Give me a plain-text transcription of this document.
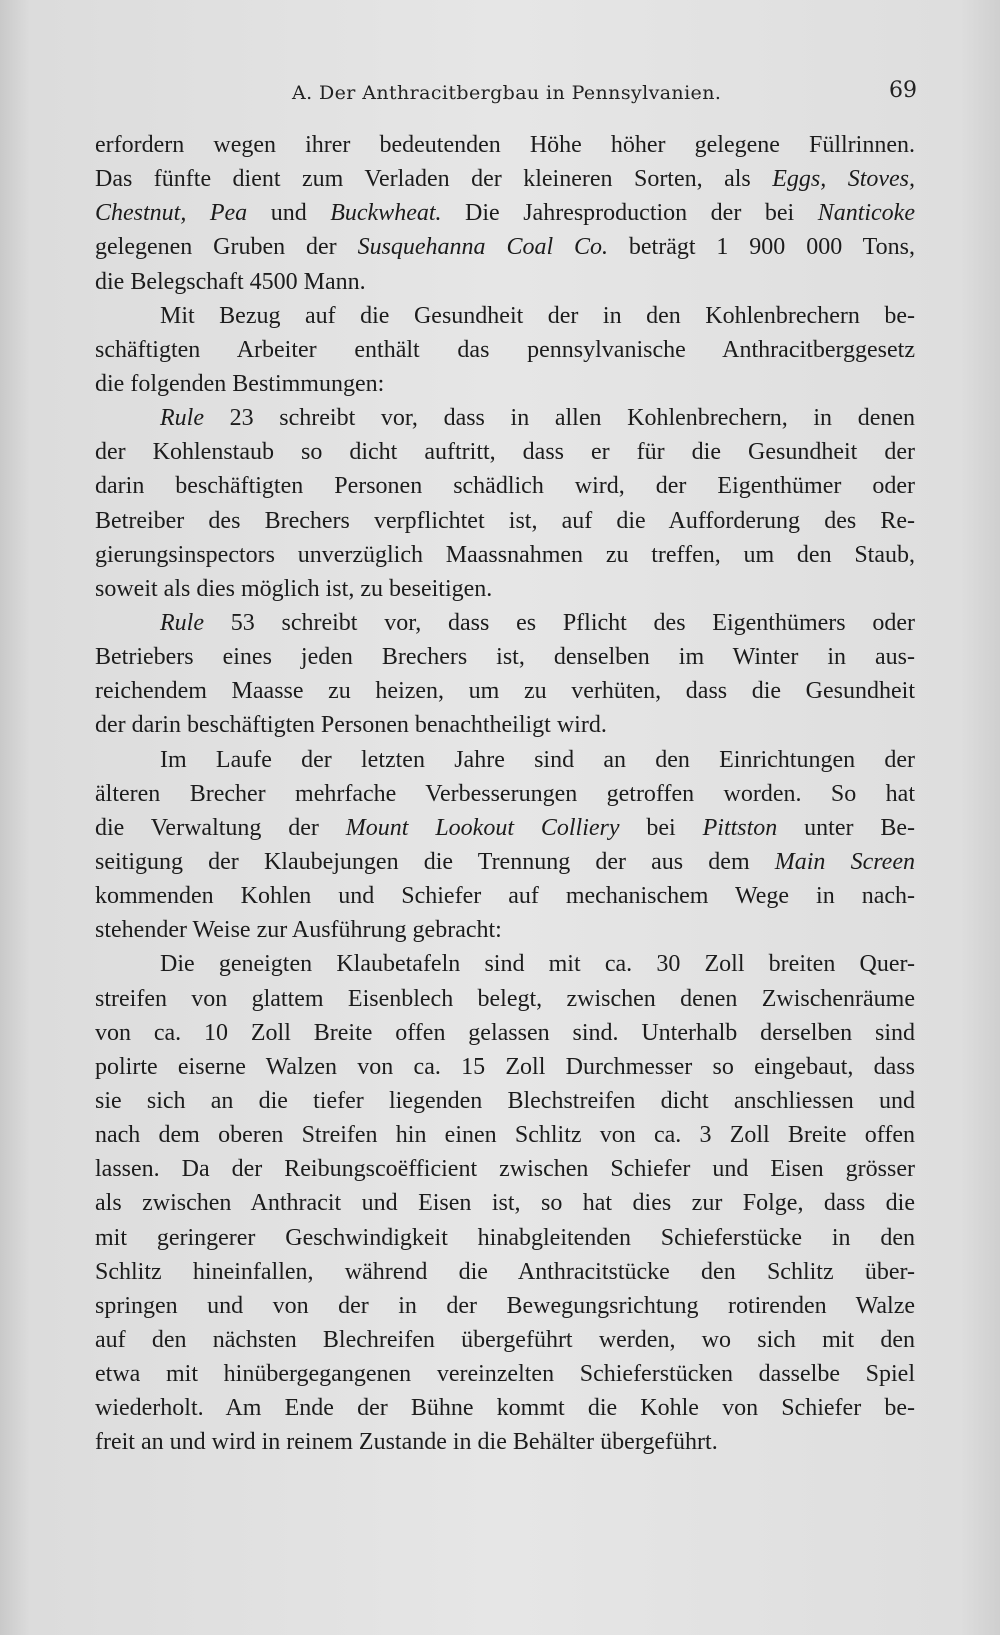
A. Der Anthracitbergbau in Pennsylvanien.	69
erfordern wegen ihrer bedeutenden Höhe höher gelegene Füllrinnen.
Das fünfte dient zum Verladen der kleineren Sorten, als Eggs, Stoves,
Chestnut, Pea und Buckwheat. Die Jahresproduction der bei Nanticoke
gelegenen Gruben der Susquehanna Coal Co. beträgt 1 900 000 Tons,
die Belegschaft 4500 Mann.
Mit Bezug auf die Gesundheit der in den Kohlenbrechern be-
schäftigten Arbeiter enthält das pennsylvanische Anthracitberggesetz
die folgenden Bestimmungen:
Rule 23 schreibt vor, dass in allen Kohlenbrechern, in denen
der Kohlenstaub so dicht auftritt, dass er für die Gesundheit der
darin beschäftigten Personen schädlich wird, der Eigenthümer oder
Betreiber des Brechers verpflichtet ist, auf die Aufforderung des Re-
gierungsinspectors unverzüglich Maassnahmen zu treffen, um den Staub,
soweit als dies möglich ist, zu beseitigen.
Rule 53 schreibt vor, dass es Pflicht des Eigenthümers oder
Betriebers eines jeden Brechers ist, denselben im Winter in aus-
reichendem Maasse zu heizen, um zu verhüten, dass die Gesundheit
der darin beschäftigten Personen benachtheiligt wird.
Im Laufe der letzten Jahre sind an den Einrichtungen der
älteren Brecher mehrfache Verbesserungen getroffen worden. So hat
die Verwaltung der Mount Lookout Colliery bei Pittston unter Be-
seitigung der Klaubejungen die Trennung der aus dem Main Screen
kommenden Kohlen und Schiefer auf mechanischem Wege in nach-
stehender Weise zur Ausführung gebracht:
Die geneigten Klaubetafeln sind mit ca. 30 Zoll breiten Quer-
streifen von glattem Eisenblech belegt, zwischen denen Zwischenräume
von ca. 10 Zoll Breite offen gelassen sind. Unterhalb derselben sind
polirte eiserne Walzen von ca. 15 Zoll Durchmesser so eingebaut, dass
sie sich an die tiefer liegenden Blechstreifen dicht anschliessen und
nach dem oberen Streifen hin einen Schlitz von ca. 3 Zoll Breite offen
lassen. Da der Reibungscoëfficient zwischen Schiefer und Eisen grösser
als zwischen Anthracit und Eisen ist, so hat dies zur Folge, dass die
mit geringerer Geschwindigkeit hinabgleitenden Schieferstücke in den
Schlitz hineinfallen, während die Anthracitstücke den Schlitz über-
springen und von der in der Bewegungsrichtung rotirenden Walze
auf den nächsten Blechreifen übergeführt werden, wo sich mit den
etwa mit hinübergegangenen vereinzelten Schieferstücken dasselbe Spiel
wiederholt. Am Ende der Bühne kommt die Kohle von Schiefer be-
freit an und wird in reinem Zustande in die Behälter übergeführt.
